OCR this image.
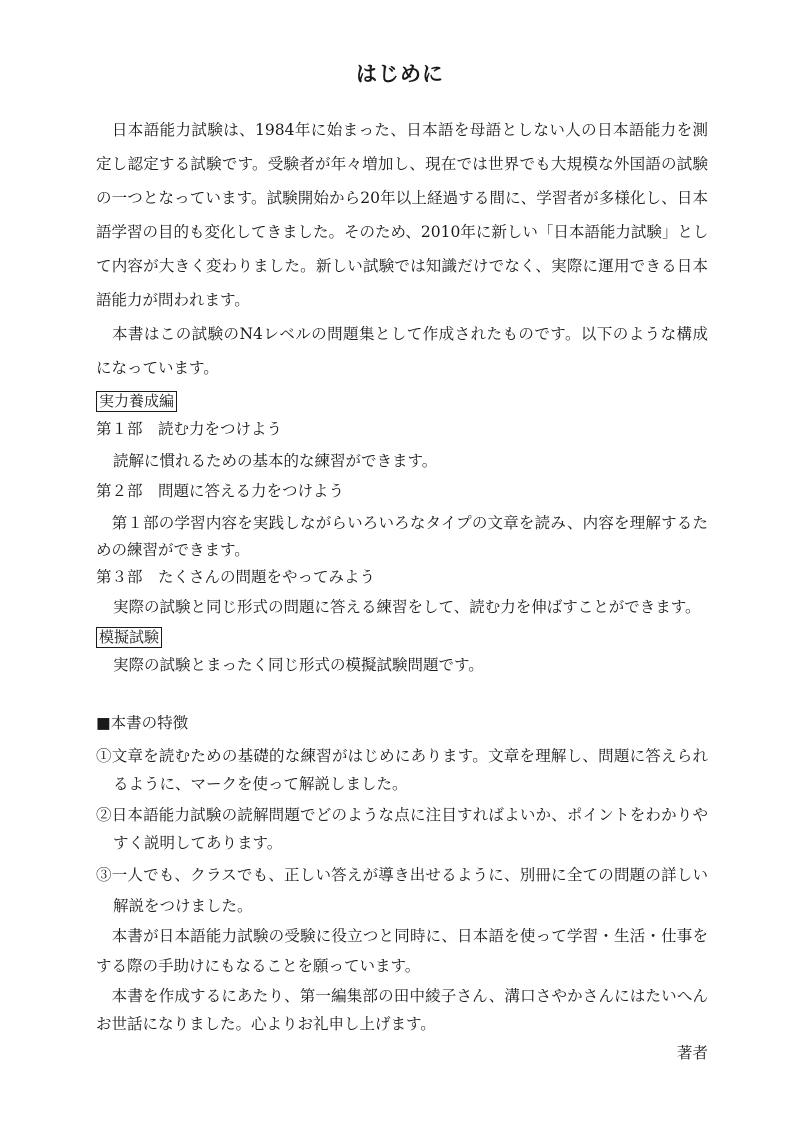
はじめに
　日本語能力試験は、1984年に始まった、日本語を母語としない人の日本語能力を測
定し認定する試験です。受験者が年々増加し、現在では世界でも大規模な外国語の試験
の一つとなっています。試験開始から20年以上経過する間に、学習者が多様化し、日本
語学習の目的も変化してきました。そのため、2010年に新しい「日本語能力試験」とし
て内容が大きく変わりました。新しい試験では知識だけでなく、実際に運用できる日本
語能力が問われます。
　本書はこの試験のN4レベルの問題集として作成されたものです。以下のような構成
になっています。
実力養成編
第１部　読む力をつけよう
読解に慣れるための基本的な練習ができます。
第２部　問題に答える力をつけよう
　第１部の学習内容を実践しながらいろいろなタイプの文章を読み、内容を理解するた
めの練習ができます。
第３部　たくさんの問題をやってみよう
実際の試験と同じ形式の問題に答える練習をして、読む力を伸ばすことができます。
模擬試験
実際の試験とまったく同じ形式の模擬試験問題です。
■本書の特徴
①文章を読むための基礎的な練習がはじめにあります。文章を理解し、問題に答えられ
るように、マークを使って解説しました。
②日本語能力試験の読解問題でどのような点に注目すればよいか、ポイントをわかりや
すく説明してあります。
③一人でも、クラスでも、正しい答えが導き出せるように、別冊に全ての問題の詳しい
解説をつけました。
　本書が日本語能力試験の受験に役立つと同時に、日本語を使って学習・生活・仕事を
する際の手助けにもなることを願っています。
　本書を作成するにあたり、第一編集部の田中綾子さん、溝口さやかさんにはたいへん
お世話になりました。心よりお礼申し上げます。
著者
